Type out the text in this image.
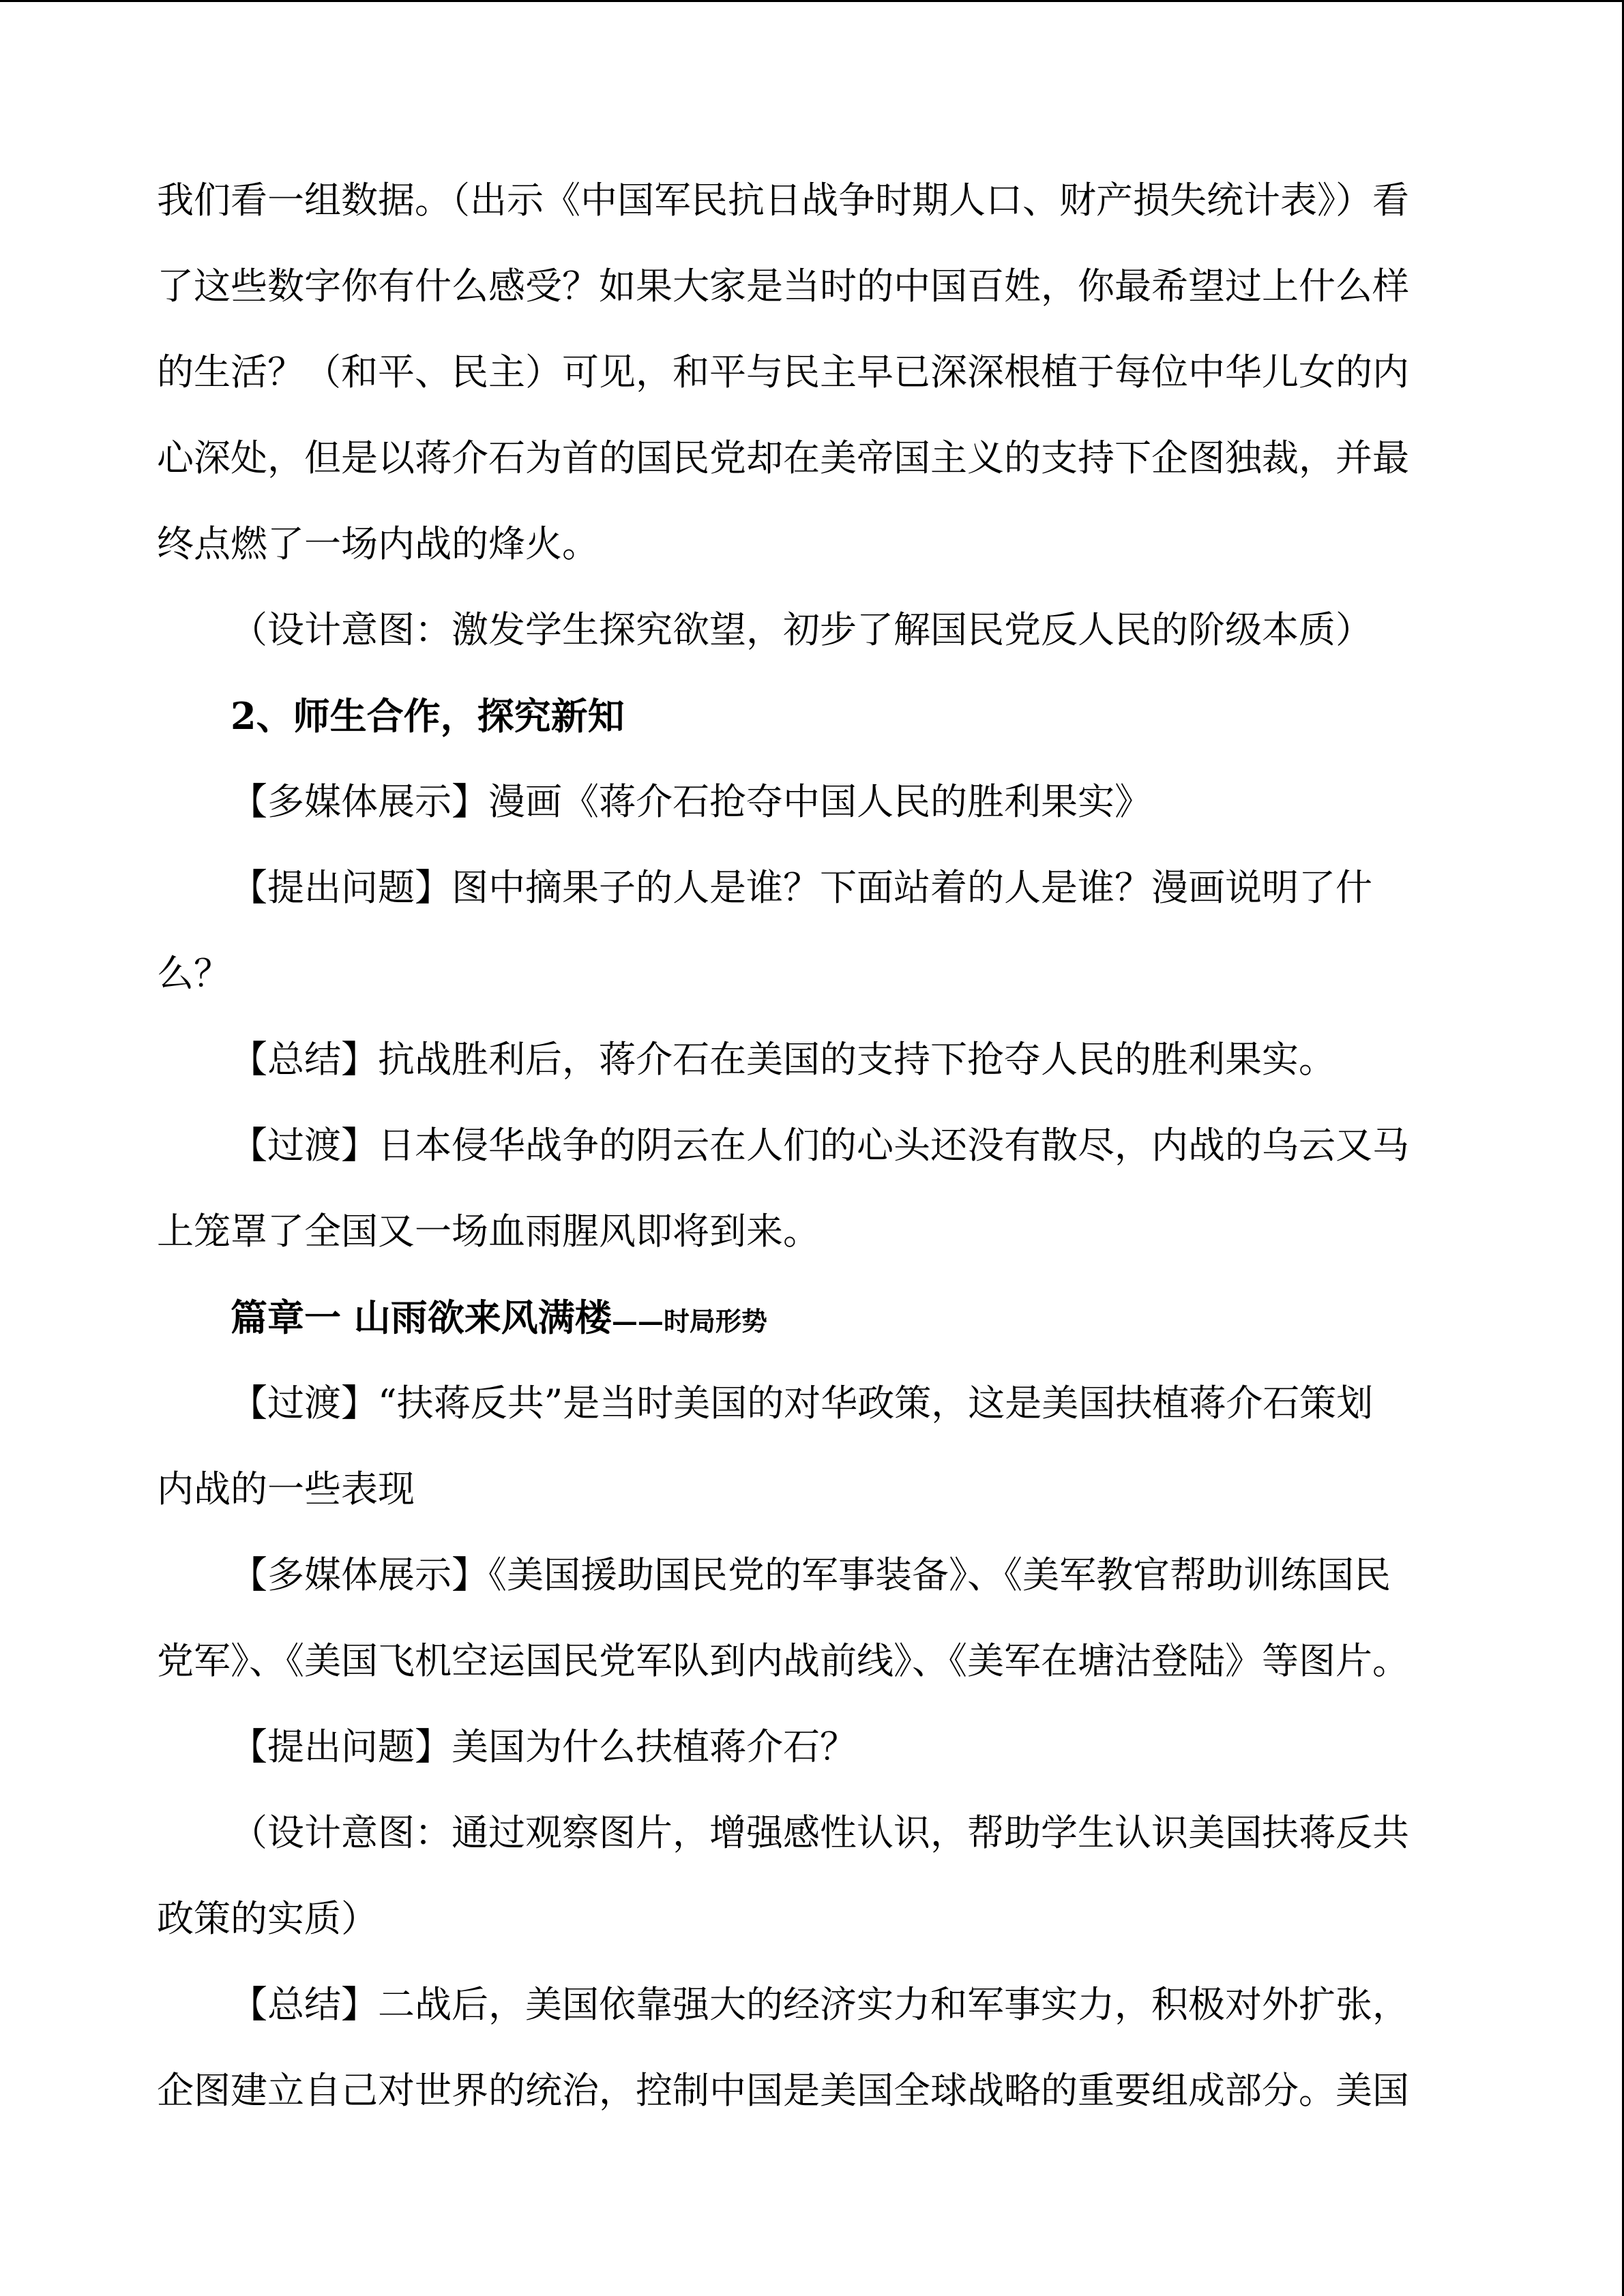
我们看一组数据。（出示《中国军民抗日战争时期人口、财产损失统计表》）看
了这些数字你有什么感受？如果大家是当时的中国百姓，你最希望过上什么样
的生活？（和平、民主）可见，和平与民主早已深深根植于每位中华儿女的内
心深处，但是以蒋介石为首的国民党却在美帝国主义的支持下企图独裁，并最
终点燃了一场内战的烽火。
（设计意图：激发学生探究欲望，初步了解国民党反人民的阶级本质）
2、师生合作，探究新知
【多媒体展示】漫画《蒋介石抢夺中国人民的胜利果实》
【提出问题】图中摘果子的人是谁？下面站着的人是谁？漫画说明了什
么？
【总结】抗战胜利后，蒋介石在美国的支持下抢夺人民的胜利果实。
【过渡】日本侵华战争的阴云在人们的心头还没有散尽，内战的乌云又马
上笼罩了全国又一场血雨腥风即将到来。
篇章一 山雨欲来风满楼——时局形势
【过渡】“扶蒋反共”是当时美国的对华政策，这是美国扶植蒋介石策划
内战的一些表现
【多媒体展示】《美国援助国民党的军事装备》、《美军教官帮助训练国民
党军》、《美国飞机空运国民党军队到内战前线》、《美军在塘沽登陆》等图片。
【提出问题】美国为什么扶植蒋介石？
（设计意图：通过观察图片，增强感性认识，帮助学生认识美国扶蒋反共
政策的实质）
【总结】二战后，美国依靠强大的经济实力和军事实力，积极对外扩张，
企图建立自己对世界的统治，控制中国是美国全球战略的重要组成部分。美国
